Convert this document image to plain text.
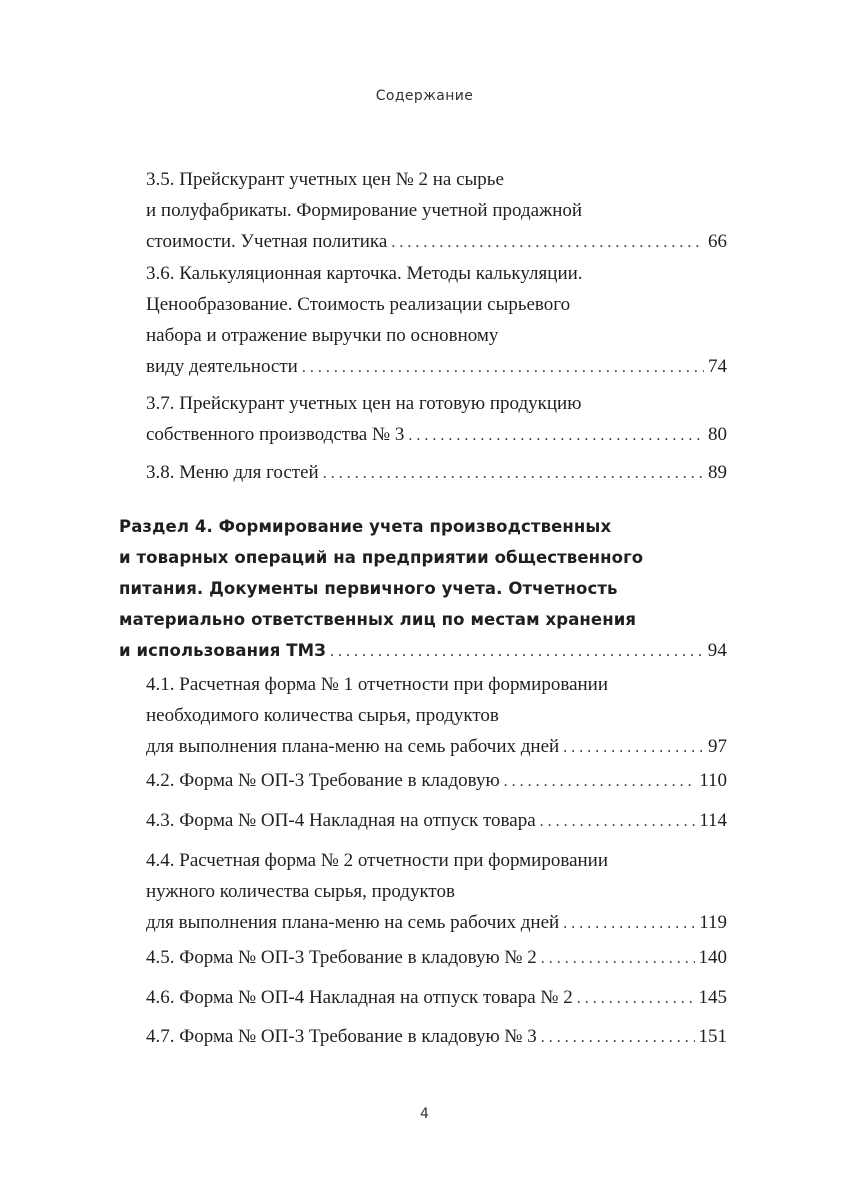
Содержание
3.5. Прейскурант учетных цен № 2 на сырье
и полуфабрикаты. Формирование учетной продажной
стоимости. Учетная политика . . .	66
3.6. Калькуляционная карточка. Методы калькуляции.
Ценообразование. Стоимость реализации сырьевого
набора и отражение выручки по основному
виду деятельности . . .	74
3.7. Прейскурант учетных цен на готовую продукцию
собственного производства № 3 . . .	80
3.8. Меню для гостей . . .	89
Раздел 4. Формирование учета производственных
и товарных операций на предприятии общественного
питания. Документы первичного учета. Отчетность
материально ответственных лиц по местам хранения
и использования ТМЗ . . .	94
4.1. Расчетная форма № 1 отчетности при формировании
необходимого количества сырья, продуктов
для выполнения плана-меню на семь рабочих дней . . .	97
4.2. Форма № ОП-3 Требование в кладовую . . .	110
4.3. Форма № ОП-4 Накладная на отпуск товара . . .	114
4.4. Расчетная форма № 2 отчетности при формировании
нужного количества сырья, продуктов
для выполнения плана-меню на семь рабочих дней . . .	119
4.5. Форма № ОП-3 Требование в кладовую № 2 . . .	140
4.6. Форма № ОП-4 Накладная на отпуск товара № 2 . . .	145
4.7. Форма № ОП-3 Требование в кладовую № 3 . . .	151
4
